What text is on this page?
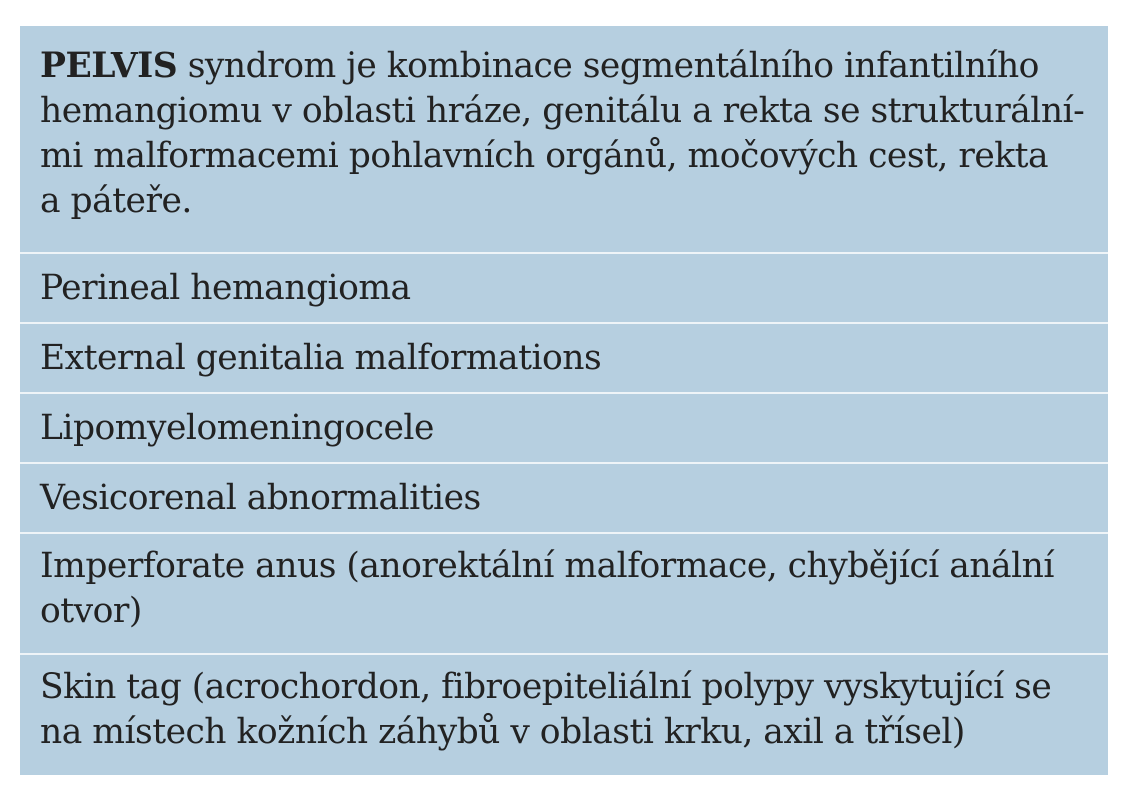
PELVIS syndrom je kombinace segmentálního infantilního
hemangiomu v oblasti hráze, genitálu a rekta se strukturální-
mi malformacemi pohlavních orgánů, močových cest, rekta
a páteře.
Perineal hemangioma
External genitalia malformations
Lipomyelomeningocele
Vesicorenal abnormalities
Imperforate anus (anorektální malformace, chybějící anální
otvor)
Skin tag (acrochordon, fibroepiteliální polypy vyskytující se
na místech kožních záhybů v oblasti krku, axil a třísel)
